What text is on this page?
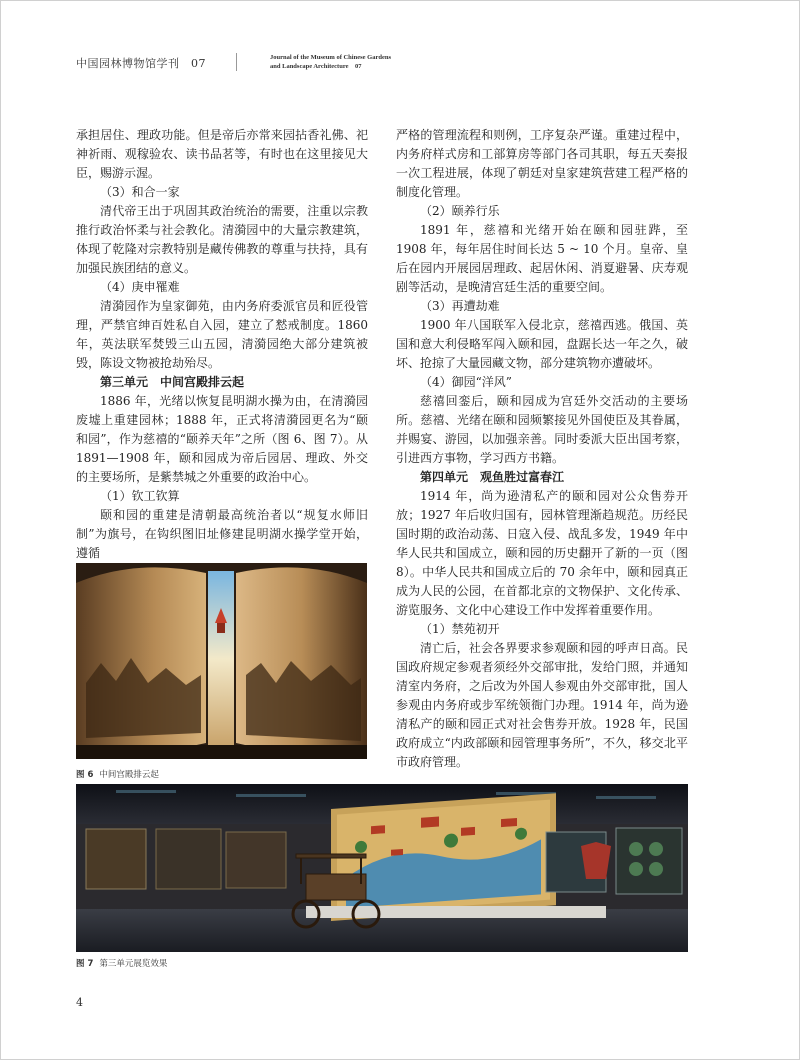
中国园林博物馆学刊　07	Journal of the Museum of Chinese Gardens
and Landscape Architecture　07

承担居住、理政功能。但是帝后亦常来园拈香礼佛、祀神祈雨、观稼验农、读书品茗等，有时也在这里接见大臣，赐游示渥。

（3）和合一家

清代帝王出于巩固其政治统治的需要，注重以宗教推行政治怀柔与社会教化。清漪园中的大量宗教建筑，体现了乾隆对宗教特别是藏传佛教的尊重与扶持，具有加强民族团结的意义。

（4）庚申罹难

清漪园作为皇家御苑，由内务府委派官员和匠役管理，严禁官绅百姓私自入园，建立了慭戒制度。1860 年，英法联军焚毁三山五园，清漪园绝大部分建筑被毁，陈设文物被抢劫殆尽。

第三单元　中间宫殿排云起

1886 年，光绪以恢复昆明湖水操为由，在清漪园废墟上重建园林；1888 年，正式将清漪园更名为“颐和园”，作为慈禧的“颐养天年”之所（图 6、图 7）。从 1891—1908 年，颐和园成为帝后园居、理政、外交的主要场所，是紫禁城之外重要的政治中心。

（1）钦工钦算

颐和园的重建是清朝最高统治者以“规复水师旧制”为旗号，在钩织图旧址修建昆明湖水操学堂开始，遵循

严格的管理流程和则例，工序复杂严谨。重建过程中，内务府样式房和工部算房等部门各司其职，每五天奏报一次工程进展，体现了朝廷对皇家建筑营建工程严格的制度化管理。

（2）颐养行乐

1891 年，慈禧和光绪开始在颐和园驻跸，至 1908 年，每年居住时间长达 5 ~ 10 个月。皇帝、皇后在园内开展园居理政、起居休闲、消夏避暑、庆寿观剧等活动，是晚清宫廷生活的重要空间。

（3）再遭劫难

1900 年八国联军入侵北京，慈禧西逃。俄国、英国和意大利侵略军闯入颐和园，盘踞长达一年之久，破坏、抢掠了大量园藏文物，部分建筑物亦遭破坏。

（4）御园“洋风”

慈禧回銮后，颐和园成为宫廷外交活动的主要场所。慈禧、光绪在颐和园频繁接见外国使臣及其眷属，并赐宴、游园，以加强亲善。同时委派大臣出国考察，引进西方事物，学习西方书籍。

第四单元　观鱼胜过富春江

1914 年，尚为逊清私产的颐和园对公众售券开放；1927 年后收归国有，园林管理渐趋规范。历经民国时期的政治动荡、日寇入侵、战乱多发，1949 年中华人民共和国成立，颐和园的历史翻开了新的一页（图 8）。中华人民共和国成立后的 70 余年中，颐和园真正成为人民的公园，在首都北京的文物保护、文化传承、游览服务、文化中心建设工作中发挥着重要作用。

（1）禁苑初开

清亡后，社会各界要求参观颐和园的呼声日高。民国政府规定参观者须经外交部审批，发给门照，并通知清室内务府，之后改为外国人参观由外交部审批，国人参观由内务府或步军统领衙门办理。1914 年，尚为逊清私产的颐和园正式对社会售券开放。1928 年，民国政府成立“内政部颐和园管理事务所”，不久，移交北平市政府管理。

图 6 中间宫殿排云起
图 7 第三单元展览效果
4
